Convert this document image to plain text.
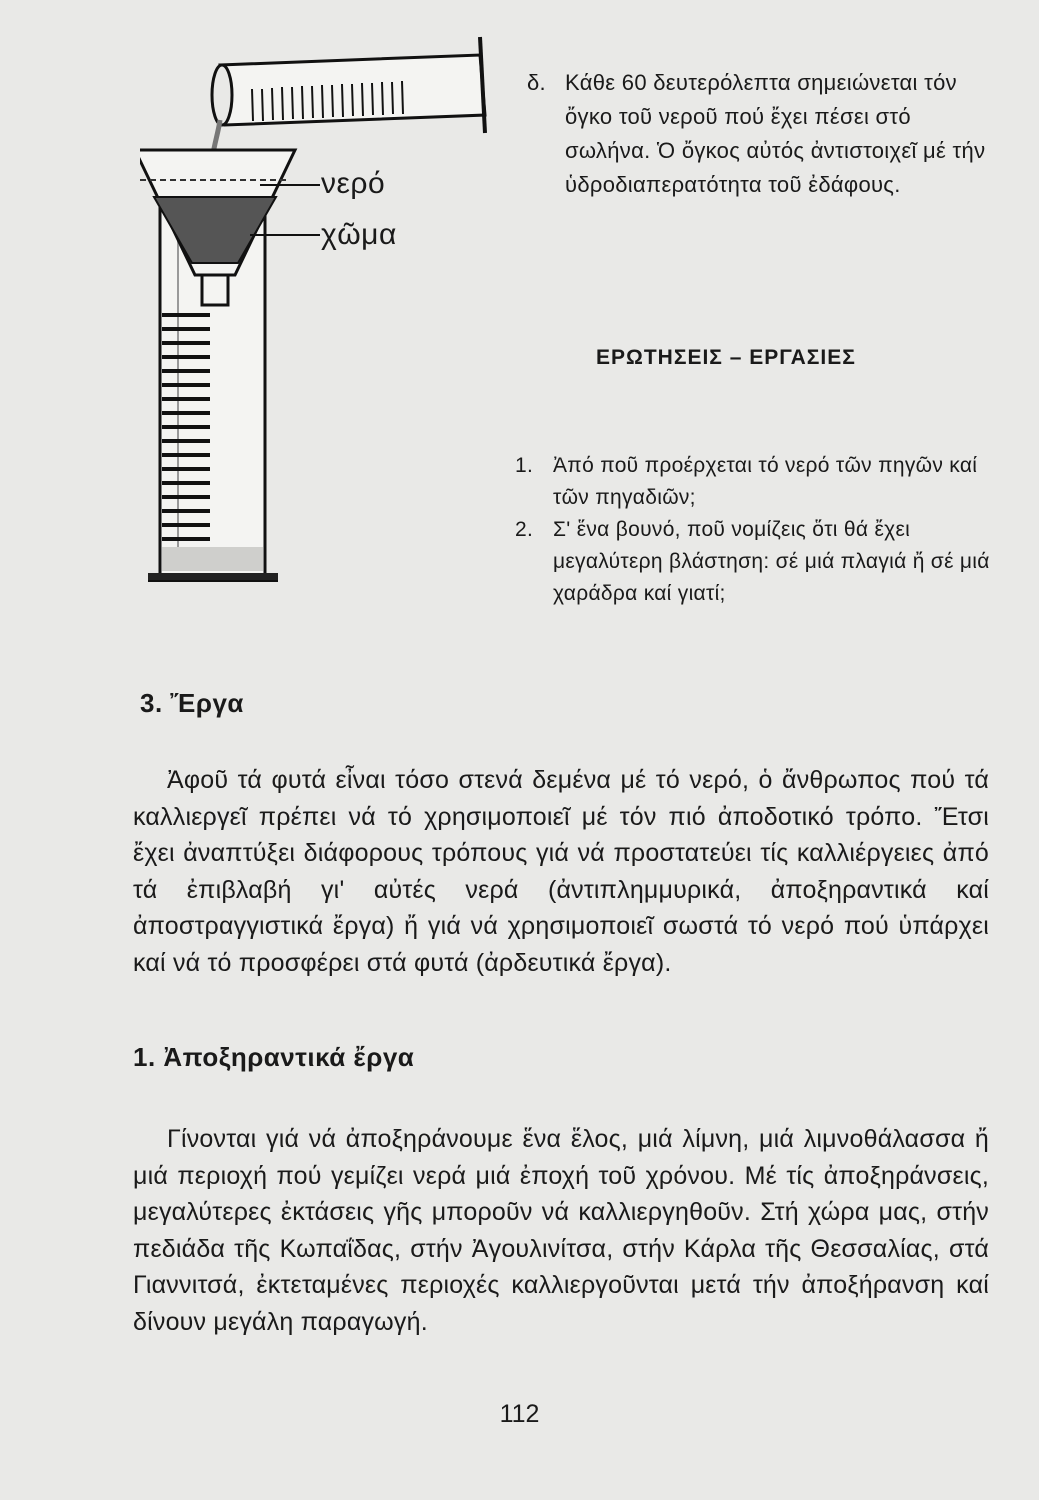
νερό
χῶμα

δ. Κάθε 60 δευτερόλεπτα σημειώνεται τόν ὄγκο τοῦ νεροῦ πού ἔχει πέσει στό σωλήνα. Ὁ ὄγκος αὐτός ἀντιστοιχεῖ μέ τήν ὑδροδιαπερατότητα τοῦ ἐδάφους.

ΕΡΩΤΗΣΕΙΣ – ΕΡΓΑΣΙΕΣ
1. Ἀπό ποῦ προέρχεται τό νερό τῶν πηγῶν καί τῶν πηγαδιῶν;
2. Σ' ἕνα βουνό, ποῦ νομίζεις ὅτι θά ἔχει μεγαλύτερη βλάστηση: σέ μιά πλαγιά ἤ σέ μιά χαράδρα καί γιατί;
3. Ἔργα

Ἀφοῦ τά φυτά εἶναι τόσο στενά δεμένα μέ τό νερό, ὁ ἄνθρωπος πού τά καλλιεργεῖ πρέπει νά τό χρησιμοποιεῖ μέ τόν πιό ἀποδοτικό τρόπο. Ἔτσι ἔχει ἀναπτύξει διάφορους τρόπους γιά νά προστατεύει τίς καλλιέργειες ἀπό τά ἐπιβλαβή γι' αὐτές νερά (ἀντιπλημμυρικά, ἀποξηραντικά καί ἀποστραγγιστικά ἔργα) ἤ γιά νά χρησιμοποιεῖ σωστά τό νερό πού ὑπάρχει καί νά τό προσφέρει στά φυτά (ἀρδευτικά ἔργα).

1. Ἀποξηραντικά ἔργα

Γίνονται γιά νά ἀποξηράνουμε ἕνα ἕλος, μιά λίμνη, μιά λιμνοθάλασσα ἤ μιά περιοχή πού γεμίζει νερά μιά ἐποχή τοῦ χρόνου. Μέ τίς ἀποξηράνσεις, μεγαλύτερες ἐκτάσεις γῆς μποροῦν νά καλλιεργηθοῦν. Στή χώρα μας, στήν πεδιάδα τῆς Κωπαΐδας, στήν Ἀγουλινίτσα, στήν Κάρλα τῆς Θεσσαλίας, στά Γιαννιτσά, ἐκτεταμένες περιοχές καλλιεργοῦνται μετά τήν ἀποξήρανση καί δίνουν μεγάλη παραγωγή.

112
